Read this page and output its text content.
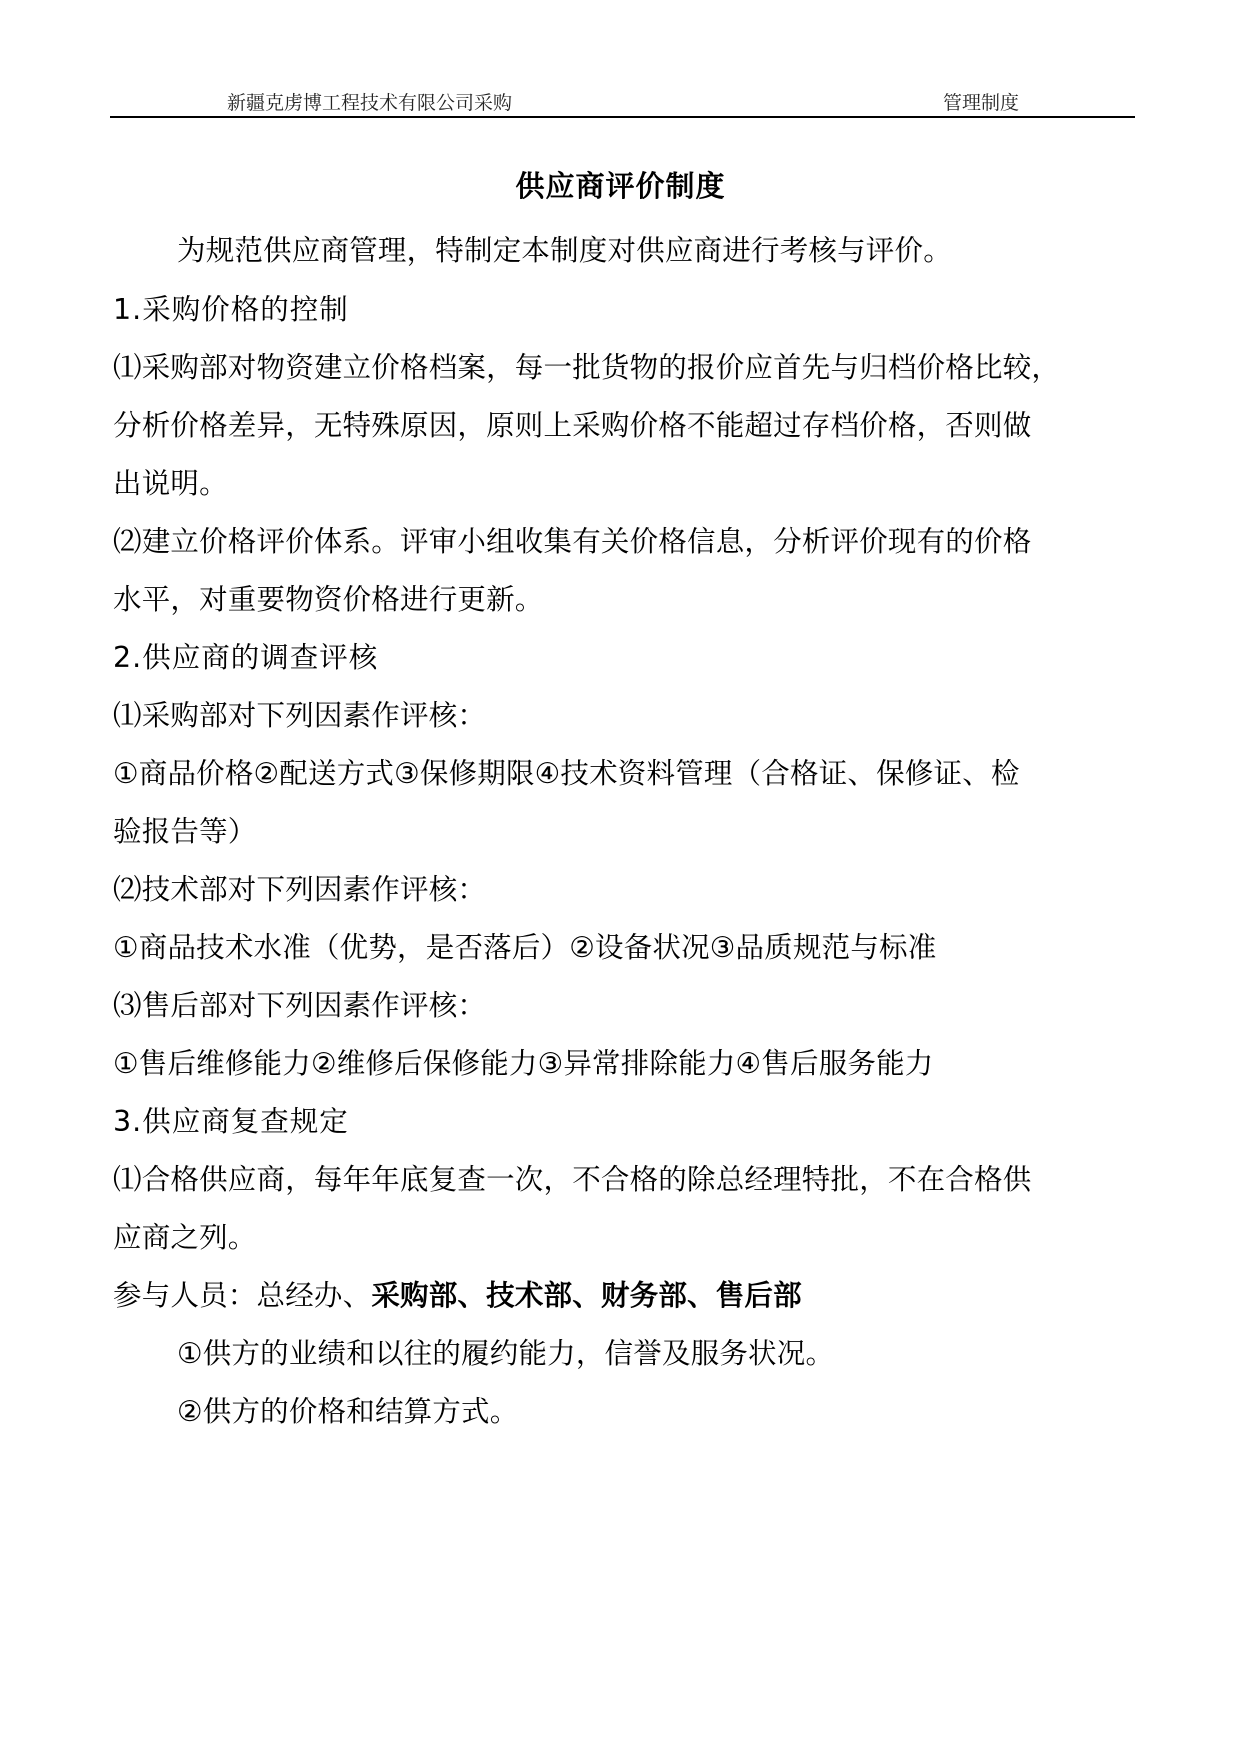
新疆克虏博工程技术有限公司采购	管理制度
供应商评价制度
为规范供应商管理，特制定本制度对供应商进行考核与评价。
1.采购价格的控制
⑴采购部对物资建立价格档案，每一批货物的报价应首先与归档价格比较，
分析价格差异，无特殊原因，原则上采购价格不能超过存档价格，否则做
出说明。
⑵建立价格评价体系。评审小组收集有关价格信息，分析评价现有的价格
水平，对重要物资价格进行更新。
2.供应商的调查评核
⑴采购部对下列因素作评核：
①商品价格②配送方式③保修期限④技术资料管理（合格证、保修证、检
验报告等）
⑵技术部对下列因素作评核：
①商品技术水准（优势，是否落后）②设备状况③品质规范与标准
⑶售后部对下列因素作评核：
①售后维修能力②维修后保修能力③异常排除能力④售后服务能力
3.供应商复查规定
⑴合格供应商，每年年底复查一次，不合格的除总经理特批，不在合格供
应商之列。
参与人员：总经办、采购部、技术部、财务部、售后部
①供方的业绩和以往的履约能力，信誉及服务状况。
②供方的价格和结算方式。
